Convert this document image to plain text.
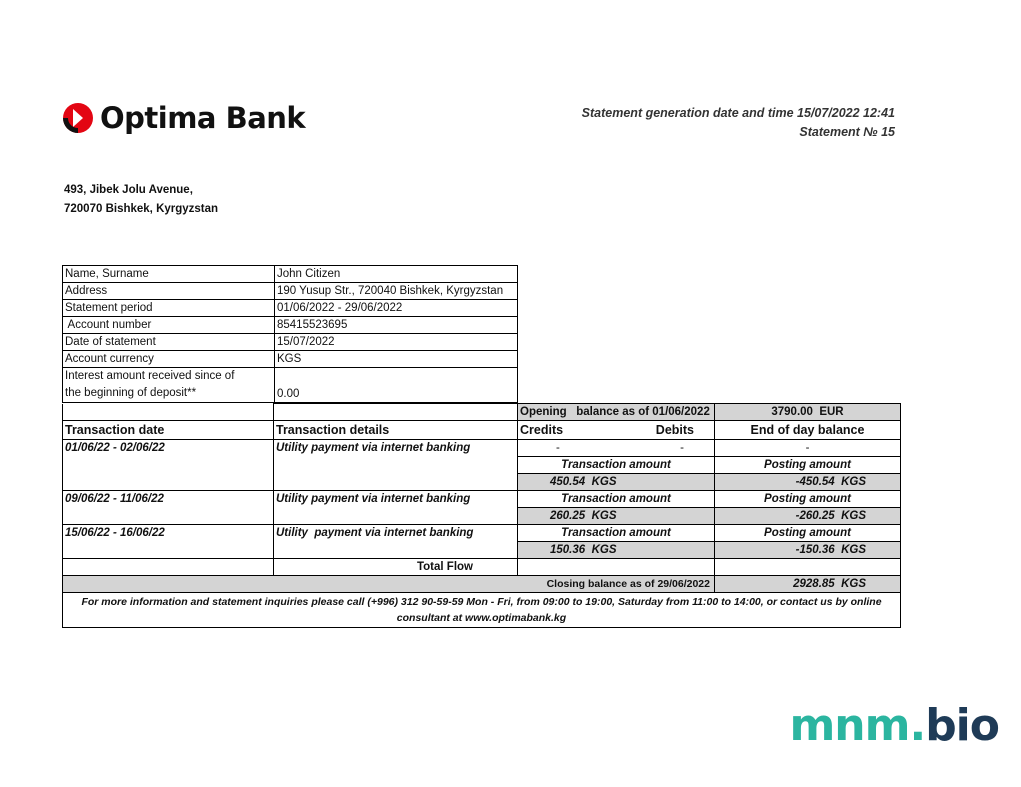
Optima Bank	Statement generation date and time 15/07/2022 12:41
Statement № 15
493, Jibek Jolu Avenue,
720070 Bishkek, Kyrgyzstan
Name, Surname	John Citizen
Address	190 Yusup Str., 720040 Bishkek, Kyrgyzstan
Statement period	01/06/2022 - 29/06/2022
Account number	85415523695
Date of statement	15/07/2022
Account currency	KGS

Interest amount received since of
the beginning of deposit**	0.00
		Opening   balance as of 01/06/2022	3790.00  EUR
Transaction date	Transaction details	Credits Debits	End of day balance
01/06/22 - 02/06/22	Utility payment via internet banking	- -	-
		Transaction amount	Posting amount
		450.54  KGS	-450.54  KGS
09/06/22 - 11/06/22	Utility payment via internet banking	Transaction amount	Posting amount
		260.25  KGS	-260.25  KGS
15/06/22 - 16/06/22	Utility  payment via internet banking	Transaction amount	Posting amount
		150.36  KGS	-150.36  KGS
	Total Flow		
Closing balance as of 29/06/2022			2928.85  KGS

For more information and statement inquiries please call (+996) 312 90-59-59 Mon - Fri, from 09:00 to 19:00, Saturday from 11:00 to 14:00, or contact us by online
consultant at www.optimabank.kg			
mnm.bio
